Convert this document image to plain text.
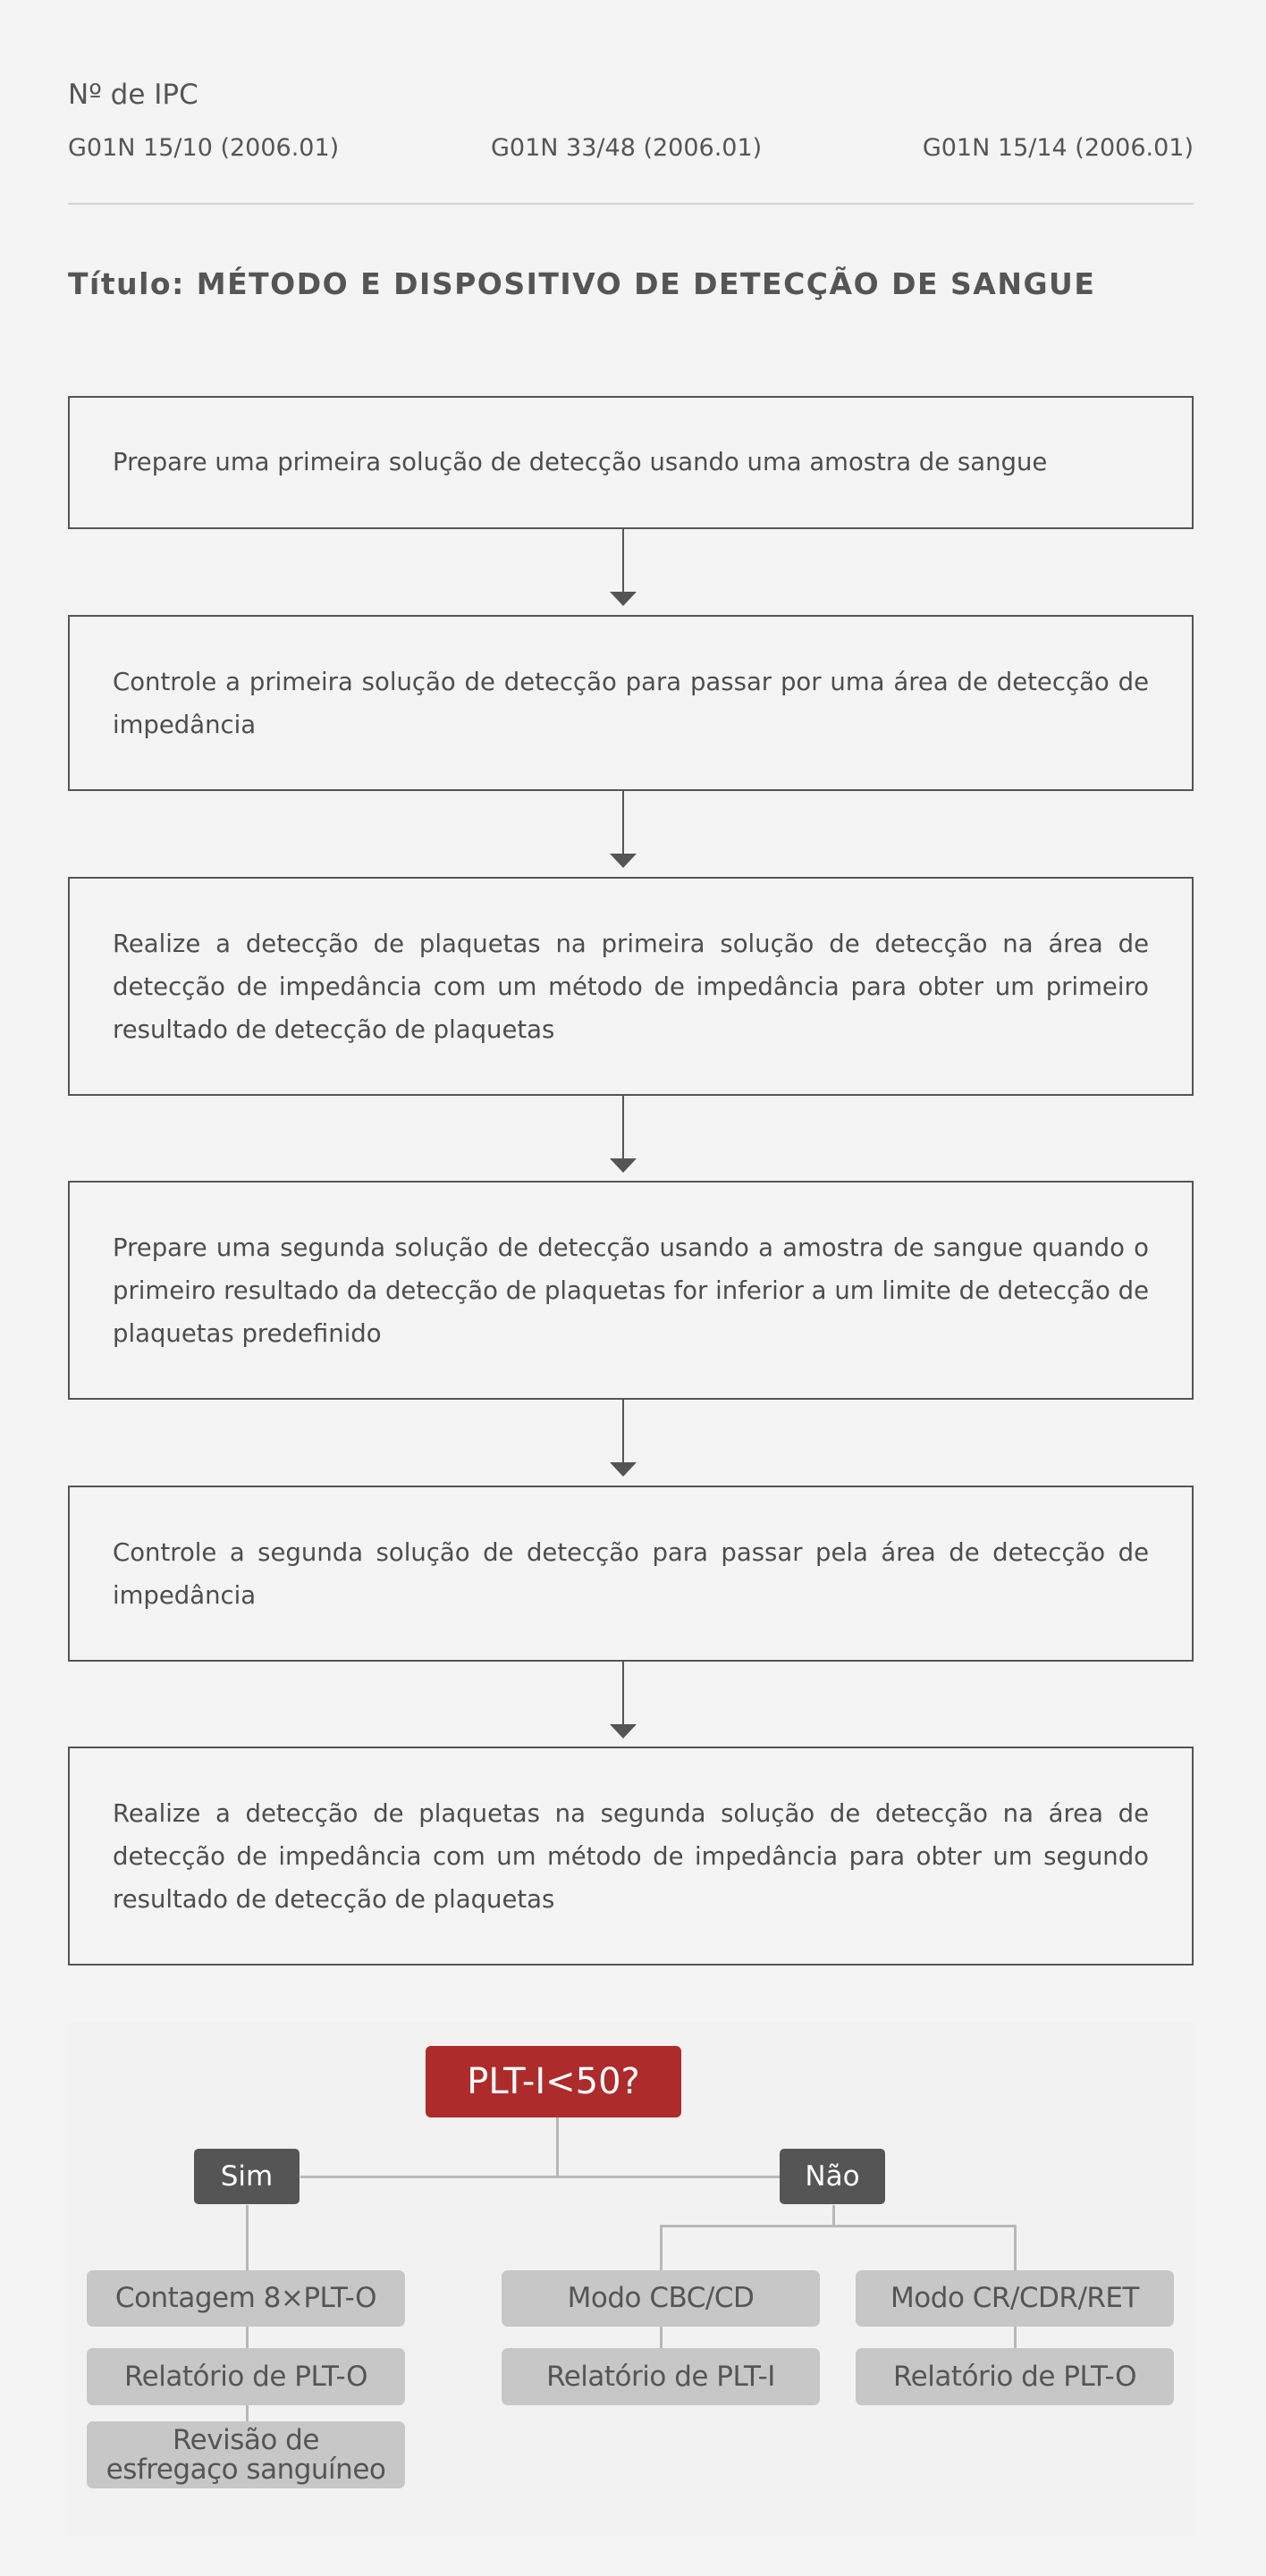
Nº de IPC
G01N 15/10 (2006.01)	G01N 33/48 (2006.01)	G01N 15/14 (2006.01)
Título: MÉTODO E DISPOSITIVO DE DETECÇÃO DE SANGUE
Prepare uma primeira solução de detecção usando uma amostra de sangue
Controle a primeira solução de detecção para passar por uma área de detecção de impedância
Realize a detecção de plaquetas na primeira solução de detecção na área de detecção de impedância com um método de impedância para obter um primeiro resultado de detecção de plaquetas
Prepare uma segunda solução de detecção usando a amostra de sangue quando o primeiro resultado da detecção de plaquetas for inferior a um limite de detecção de plaquetas predefinido
Controle a segunda solução de detecção para passar pela área de detecção de impedância
Realize a detecção de plaquetas na segunda solução de detecção na área de detecção de impedância com um método de impedância para obter um segundo resultado de detecção de plaquetas
PLT-I<50?
Sim	Não
Contagem 8×PLT-O
Relatório de PLT-O
Revisão de
esfregaço sanguíneo
Modo CBC/CD
Relatório de PLT-I
Modo CR/CDR/RET
Relatório de PLT-O
